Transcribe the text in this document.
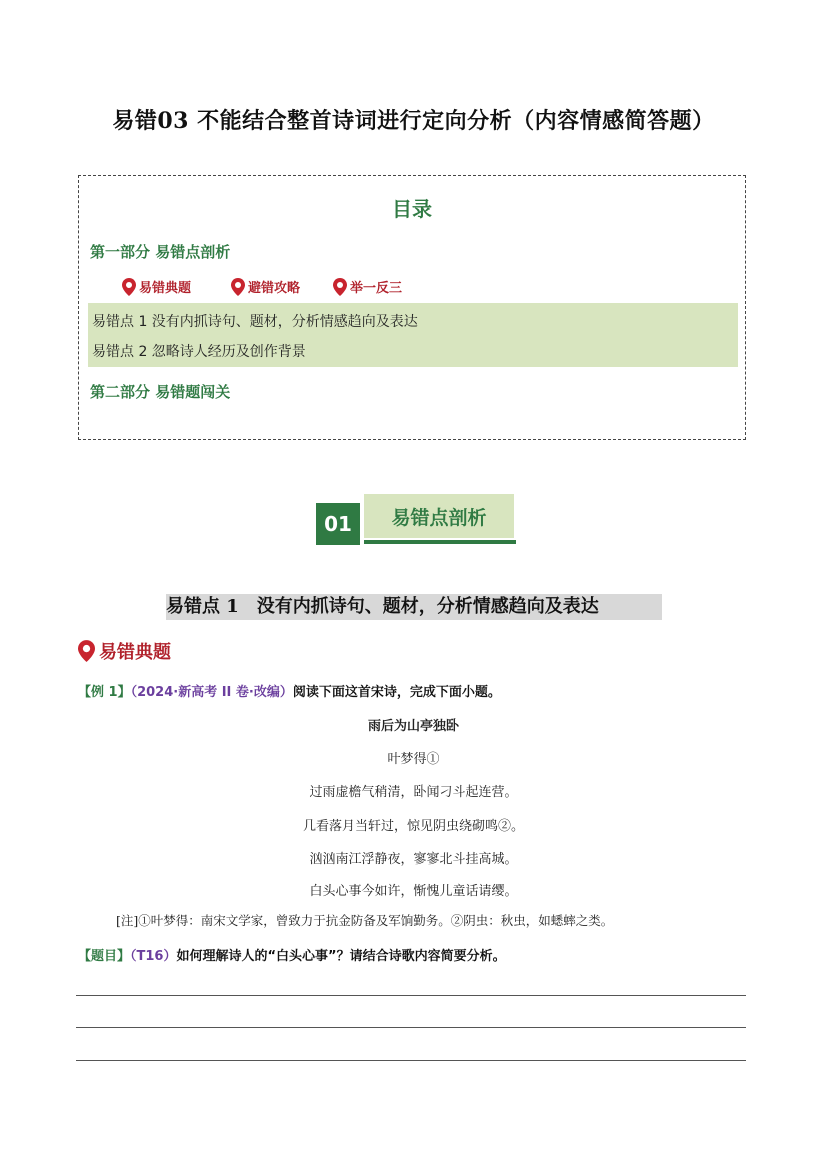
易错03 不能结合整首诗词进行定向分析（内容情感简答题）
目录
第一部分 易错点剖析
易错典题	避错攻略	举一反三
易错点 1 没有内抓诗句、题材，分析情感趋向及表达
易错点 2 忽略诗人经历及创作背景
第二部分 易错题闯关
01	易错点剖析
易错点 1 没有内抓诗句、题材，分析情感趋向及表达
易错典题
【例 1】（2024·新高考 II 卷·改编）阅读下面这首宋诗，完成下面小题。
雨后为山亭独卧
叶梦得①
过雨虚檐气稍清，卧闻刁斗起连营。
几看落月当轩过，惊见阴虫绕砌鸣②。
汹汹南江浮静夜，寥寥北斗挂高城。
白头心事今如许，惭愧儿童话请缨。
[注]①叶梦得：南宋文学家，曾致力于抗金防备及军饷勤务。②阴虫：秋虫，如蟋蟀之类。
【题目】（T16）如何理解诗人的“白头心事”？请结合诗歌内容简要分析。
